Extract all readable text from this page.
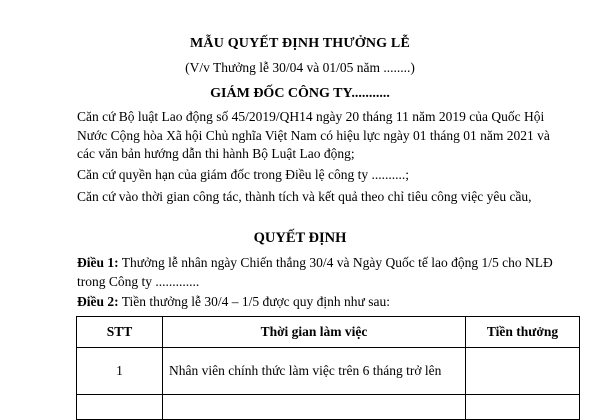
MẪU QUYẾT ĐỊNH THƯỞNG LỄ
(V/v Thưởng lễ 30/04 và 01/05 năm ........)
GIÁM ĐỐC CÔNG TY...........
Căn cứ Bộ luật Lao động số 45/2019/QH14 ngày 20 tháng 11 năm 2019 của Quốc Hội Nước Cộng hòa Xã hội Chủ nghĩa Việt Nam có hiệu lực ngày 01 tháng 01 năm 2021 và các văn bản hướng dẫn thi hành Bộ Luật Lao động;
Căn cứ quyền hạn của giám đốc trong Điều lệ công ty ..........;
Căn cứ vào thời gian công tác, thành tích và kết quả theo chỉ tiêu công việc yêu cầu,
QUYẾT ĐỊNH
Điều 1: Thưởng lễ nhân ngày Chiến thắng 30/4 và Ngày Quốc tế lao động 1/5 cho NLĐ trong Công ty .............
Điều 2: Tiền thưởng lễ 30/4 – 1/5 được quy định như sau:
STT	Thời gian làm việc	Tiền thưởng
1	Nhân viên chính thức làm việc trên 6 tháng trở lên	
